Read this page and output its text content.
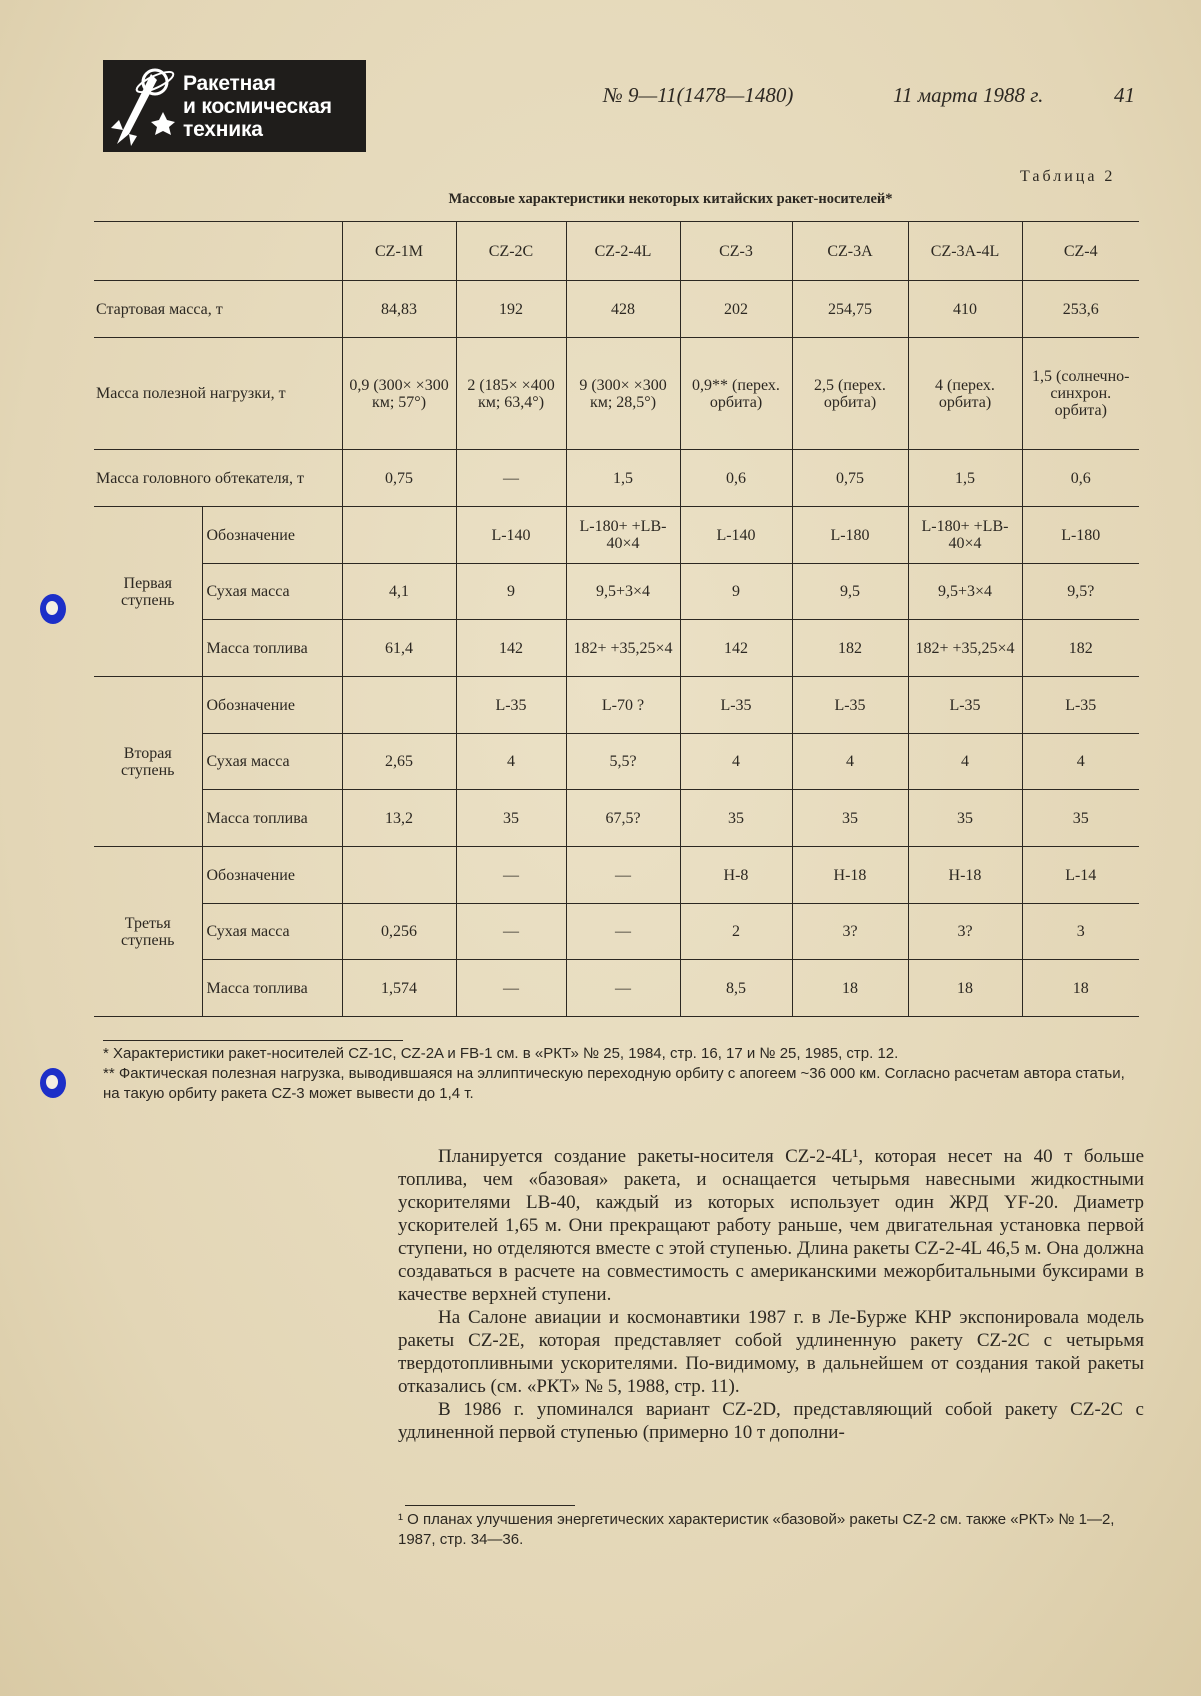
Ракетная
и космическая
техника
№ 9—11(1478—1480)	11 марта 1988 г.	41
Таблица 2
Массовые характеристики некоторых китайских ракет-носителей*
		CZ-1M	CZ-2C	CZ-2-4L	CZ-3	CZ-3A	CZ-3A-4L	CZ-4
Стартовая масса, т		84,83	192	428	202	254,75	410	253,6
Масса полезной нагрузки, т		0,9 (300× ×300 км; 57°)	2 (185× ×400 км; 63,4°)	9 (300× ×300 км; 28,5°)	0,9** (перех. орбита)	2,5 (перех. орбита)	4 (перех. орбита)	1,5 (солнечно-синхрон. орбита)
Масса головного обтекателя, т		0,75	—	1,5	0,6	0,75	1,5	0,6
Первая ступень	Обозначение		L-140	L-180+ +LB-40×4	L-140	L-180	L-180+ +LB-40×4	L-180
	Сухая масса	4,1	9	9,5+3×4	9	9,5	9,5+3×4	9,5?
	Масса топлива	61,4	142	182+ +35,25×4	142	182	182+ +35,25×4	182
Вторая ступень	Обозначение		L-35	L-70 ?	L-35	L-35	L-35	L-35
	Сухая масса	2,65	4	5,5?	4	4	4	4
	Масса топлива	13,2	35	67,5?	35	35	35	35
Третья ступень	Обозначение		—	—	H-8	H-18	H-18	L-14
	Сухая масса	0,256	—	—	2	3?	3?	3
	Масса топлива	1,574	—	—	8,5	18	18	18
* Характеристики ракет-носителей CZ-1C, CZ-2A и FB-1 см. в «РКТ» № 25, 1984, стр. 16, 17 и № 25, 1985, стр. 12.
** Фактическая полезная нагрузка, выводившаяся на эллиптическую переходную орбиту с апогеем ~36 000 км. Согласно расчетам автора статьи, на такую орбиту ракета CZ-3 может вывести до 1,4 т.

Планируется создание ракеты-носителя CZ-2-4L¹, которая несет на 40 т больше топлива, чем «базовая» ракета, и оснащается четырьмя навесными жидкостными ускорителями LB-40, каждый из которых использует один ЖРД YF-20. Диаметр ускорителей 1,65 м. Они прекращают работу раньше, чем двигательная установка первой ступени, но отделяются вместе с этой ступенью. Длина ракеты CZ-2-4L 46,5 м. Она должна создаваться в расчете на совместимость с американскими межорбитальными буксирами в качестве верхней ступени.

На Салоне авиации и космонавтики 1987 г. в Ле-Бурже КНР экспонировала модель ракеты CZ-2E, которая представляет собой удлиненную ракету CZ-2C с четырьмя твердотопливными ускорителями. По-видимому, в дальнейшем от создания такой ракеты отказались (см. «РКТ» № 5, 1988, стр. 11).

В 1986 г. упоминался вариант CZ-2D, представляющий собой ракету CZ-2C с удлиненной первой ступенью (примерно 10 т дополни-

¹ О планах улучшения энергетических характеристик «базовой» ракеты CZ-2 см. также «РКТ» № 1—2, 1987, стр. 34—36.
